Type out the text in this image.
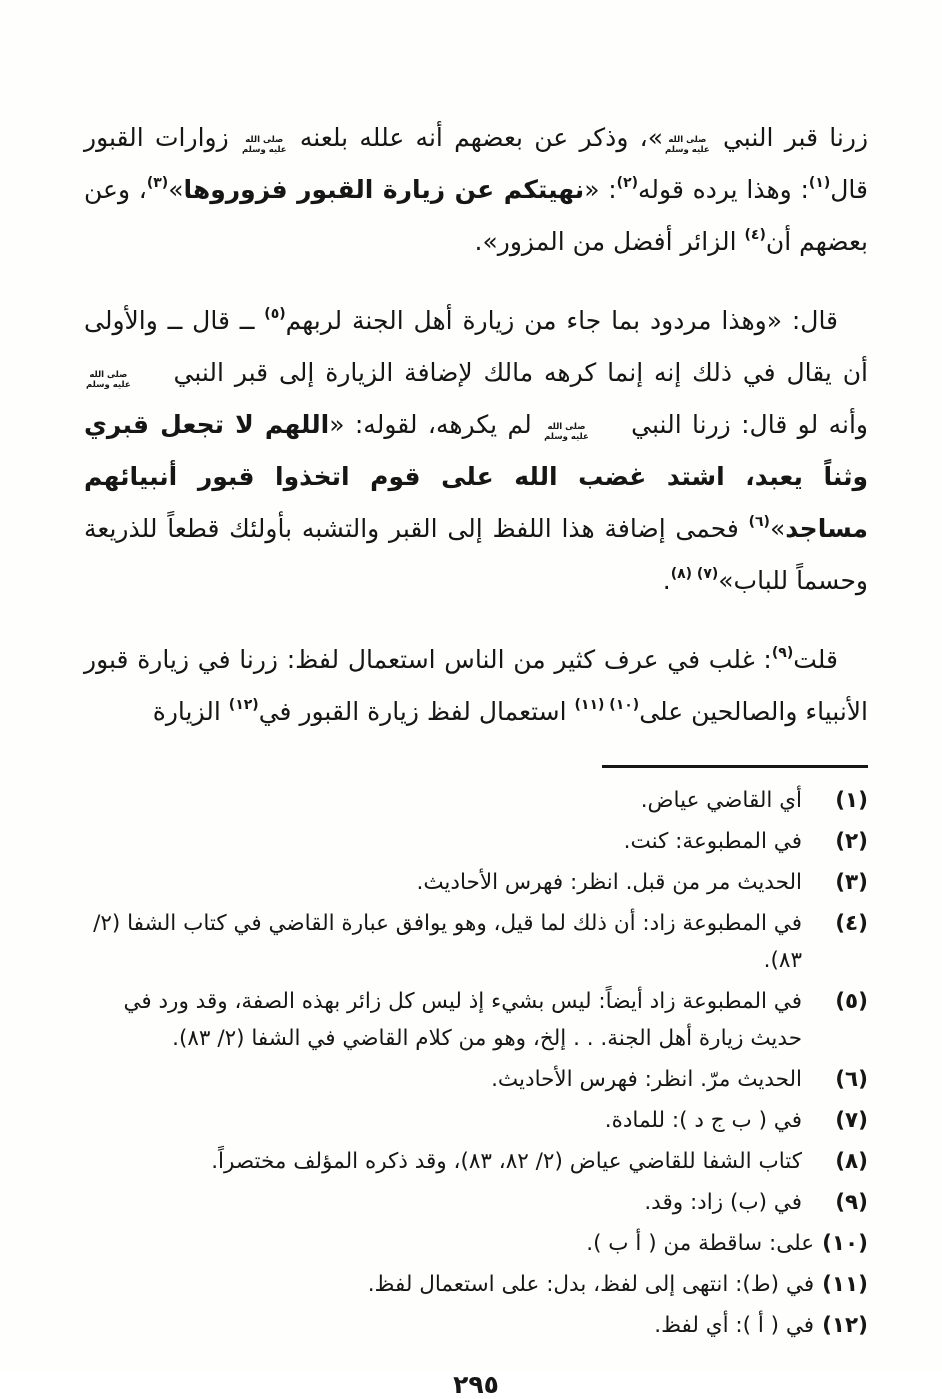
زرنا قبر النبي
صلى الله
عليه وسلم
»، وذكر عن بعضهم أنه علله بلعنه
صلى الله
عليه وسلم
زوارات القبور قال$^{(١)}$: وهذا يرده قوله$^{(٢)}$: «نهيتكم عن زيارة القبور فزوروها»$^{(٣)}$، وعن بعضهم أن$^{(٤)}$ الزائر أفضل من المزور».

قال: «وهذا مردود بما جاء من زيارة أهل الجنة لربهم$^{(٥)}$ ــ قال ــ والأولى أن يقال في ذلك إنه إنما كرهه مالك لإضافة الزيارة إلى قبر النبي
صلى الله
عليه وسلم
وأنه لو قال: زرنا النبي
صلى الله
عليه وسلم
لم يكرهه، لقوله: «اللهم لا تجعل قبري وثناً يعبد، اشتد غضب الله على قوم اتخذوا قبور أنبيائهم مساجد»$^{(٦)}$ فحمى إضافة هذا اللفظ إلى القبر والتشبه بأولئك قطعاً للذريعة وحسماً للباب»$^{(٧) (٨)}$.

قلت$^{(٩)}$: غلب في عرف كثير من الناس استعمال لفظ: زرنا في زيارة قبور الأنبياء والصالحين على$^{(١٠) (١١)}$ استعمال لفظ زيارة القبور في$^{(١٢)}$ الزيارة

(١)
أي القاضي عياض.
(٢)
في المطبوعة: كنت.
(٣)
الحديث مر من قبل. انظر: فهرس الأحاديث.
(٤)
في المطبوعة زاد: أن ذلك لما قيل، وهو يوافق عبارة القاضي في كتاب الشفا (٢/ ٨٣).
(٥)
في المطبوعة زاد أيضاً: ليس بشيء إذ ليس كل زائر بهذه الصفة، وقد ورد في حديث زيارة أهل الجنة. . . إلخ، وهو من كلام القاضي في الشفا (٢/ ٨٣).
(٦)
الحديث مرّ. انظر: فهرس الأحاديث.
(٧)
في ( ب ج د ): للمادة.
(٨)
كتاب الشفا للقاضي عياض (٢/ ٨٢، ٨٣)، وقد ذكره المؤلف مختصراً.
(٩)
في (ب) زاد: وقد.
(١٠)
على: ساقطة من ( أ ب ).
(١١)
في (ط): انتهى إلى لفظ، بدل: على استعمال لفظ.
(١٢)
في ( أ ): أي لفظ.
٢٩٥
